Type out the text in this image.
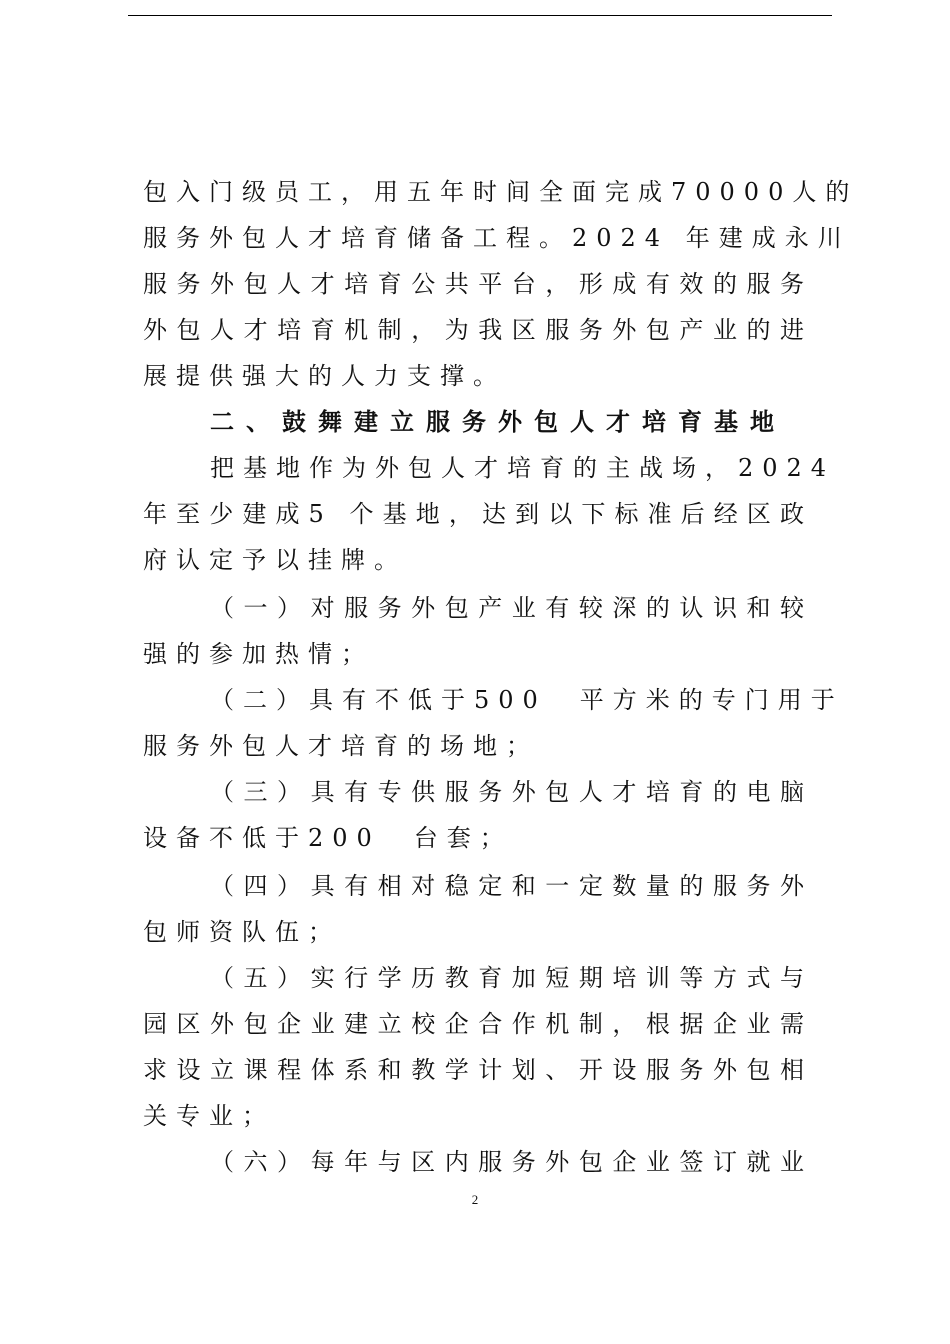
包入门级员工，用五年时间全面完成70000人的
服务外包人才培育储备工程。2024 年建成永川
服务外包人才培育公共平台，形成有效的服务
外包人才培育机制，为我区服务外包产业的进
展提供强大的人力支撑。
二、鼓舞建立服务外包人才培育基地
把基地作为外包人才培育的主战场，2024
年至少建成5 个基地，达到以下标准后经区政
府认定予以挂牌。
（一）对服务外包产业有较深的认识和较
强的参加热情；
（二）具有不低于500　平方米的专门用于
服务外包人才培育的场地；
（三）具有专供服务外包人才培育的电脑
设备不低于200　台套；
（四）具有相对稳定和一定数量的服务外
包师资队伍；
（五）实行学历教育加短期培训等方式与
园区外包企业建立校企合作机制，根据企业需
求设立课程体系和教学计划、开设服务外包相
关专业；
（六）每年与区内服务外包企业签订就业
2
